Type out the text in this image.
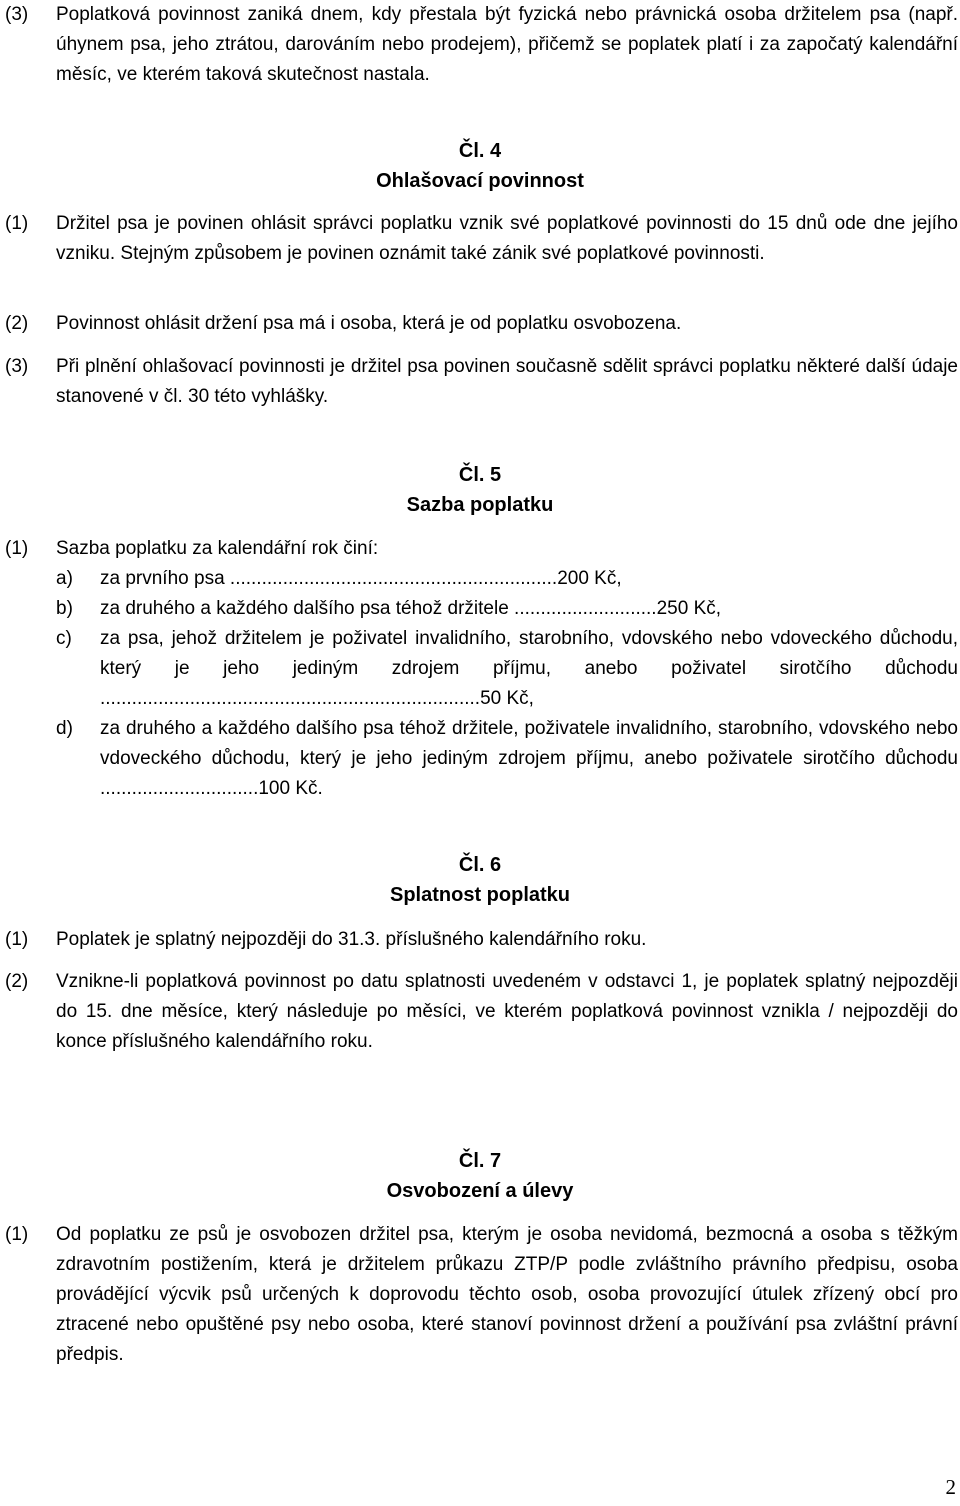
(3)	Poplatková povinnost zaniká dnem, kdy přestala být fyzická nebo právnická osoba držitelem psa (např. úhynem psa, jeho ztrátou, darováním nebo prodejem), přičemž se poplatek platí i za započatý kalendářní měsíc, ve kterém taková skutečnost nastala.
Čl. 4
Ohlašovací povinnost
(1)	Držitel psa je povinen ohlásit správci poplatku vznik své poplatkové povinnosti do 15 dnů ode dne jejího vzniku. Stejným způsobem je povinen oznámit také zánik své poplatkové povinnosti.
(2)	Povinnost ohlásit držení psa má i osoba, která je od poplatku osvobozena.
(3)	Při plnění ohlašovací povinnosti je držitel psa povinen současně sdělit správci poplatku některé další údaje stanovené v čl. 30 této vyhlášky.
Čl. 5
Sazba poplatku
(1)	Sazba poplatku za kalendářní rok činí:
a)	za prvního psa ..............................................................200 Kč,
b)	za druhého a každého dalšího psa téhož držitele ...........................250 Kč,
c)	za psa, jehož držitelem je poživatel invalidního, starobního, vdovského nebo vdoveckého důchodu, který je jeho jediným zdrojem příjmu, anebo poživatel sirotčího důchodu ........................................................................50 Kč,
d)	za druhého a každého dalšího psa téhož držitele, poživatele invalidního, starobního, vdovského nebo vdoveckého důchodu, který je jeho jediným zdrojem příjmu, anebo poživatele sirotčího důchodu ..............................100 Kč.
Čl. 6
Splatnost poplatku
(1)	Poplatek je splatný nejpozději do 31.3. příslušného kalendářního roku.
(2)	Vznikne-li poplatková povinnost po datu splatnosti uvedeném v odstavci 1, je poplatek splatný nejpozději do 15. dne měsíce, který následuje po měsíci, ve kterém poplatková povinnost vznikla / nejpozději do konce příslušného kalendářního roku.
Čl. 7
Osvobození a úlevy
(1)	Od poplatku ze psů je osvobozen držitel psa, kterým je osoba nevidomá, bezmocná a osoba s těžkým zdravotním postižením, která je držitelem průkazu ZTP/P podle zvláštního právního předpisu, osoba provádějící výcvik psů určených k doprovodu těchto osob, osoba provozující útulek zřízený obcí pro ztracené nebo opuštěné psy nebo osoba, které stanoví povinnost držení a používání psa zvláštní právní předpis.
2
